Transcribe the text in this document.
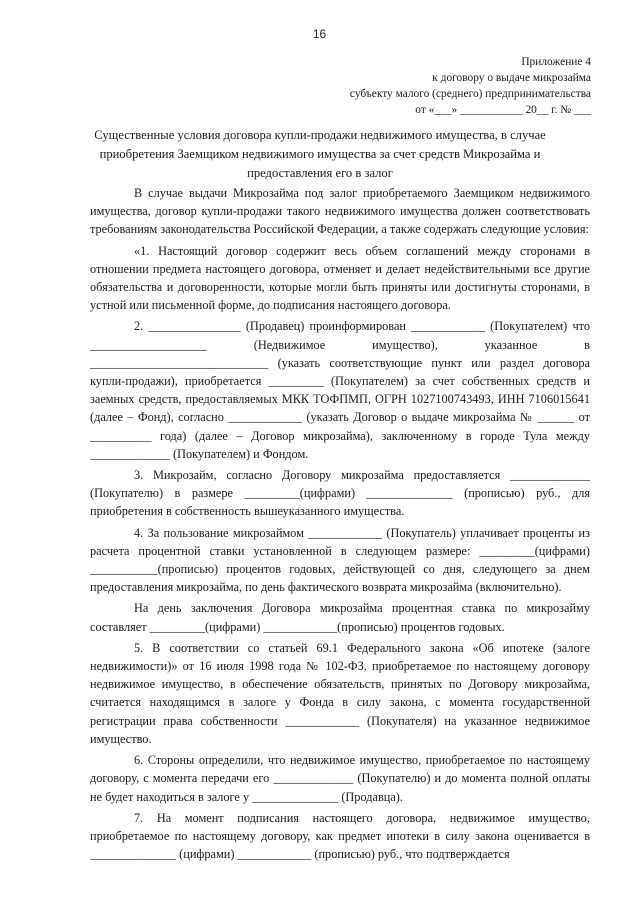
16
Приложение 4
к договору о выдаче микрозайма
субъекту малого (среднего) предпринимательства
от «___» ___________ 20__ г. № ___
Существенные условия договора купли-продажи недвижимого имущества, в случае приобретения Заемщиком недвижимого имущества за счет средств Микрозайма и предоставления его в залог

В случае выдачи Микрозайма под залог приобретаемого Заемщиком недвижимого имущества, договор купли-продажи такого недвижимого имущества должен соответствовать требованиям законодательства Российской Федерации, а также содержать следующие условия:

«1. Настоящий договор содержит весь объем соглашений между сторонами в отношении предмета настоящего договора, отменяет и делает недействительными все другие обязательства и договоренности, которые могли быть приняты или достигнуты сторонами, в устной или письменной форме, до подписания настоящего договора.

2. _______________ (Продавец) проинформирован ____________ (Покупателем) что ___________________ (Недвижимое имущество), указанное в _____________________________ (указать соответствующие пункт или раздел договора купли-продажи), приобретается _________ (Покупателем) за счет собственных средств и заемных средств, предоставляемых МКК ТОФПМП, ОГРН 1027100743493, ИНН 7106015641 (далее – Фонд), согласно ____________ (указать Договор о выдаче микрозайма № ______ от __________ года) (далее – Договор микрозайма), заключенному в городе Тула между _____________ (Покупателем) и Фондом.

3. Микрозайм, согласно Договору микрозайма предоставляется _____________ (Покупателю) в размере _________(цифрами) ______________ (прописью) руб., для приобретения в собственность вышеуказанного имущества.

4. За пользование микрозаймом ____________ (Покупатель) уплачивает проценты из расчета процентной ставки установленной в следующем размере: _________(цифрами) ___________(прописью) процентов годовых, действующей со дня, следующего за днем предоставления микрозайма, по день фактического возврата микрозайма (включительно).

На день заключения Договора микрозайма процентная ставка по микрозайму составляет _________(цифрами) ____________(прописью) процентов годовых.

5. В соответствии со статьей 69.1 Федерального закона «Об ипотеке (залоге недвижимости)» от 16 июля 1998 года № 102-ФЗ, приобретаемое по настоящему договору недвижимое имущество, в обеспечение обязательств, принятых по Договору микрозайма, считается находящимся в залоге у Фонда в силу закона, с момента государственной регистрации права собственности ____________ (Покупателя) на указанное недвижимое имущество.

6. Стороны определили, что недвижимое имущество, приобретаемое по настоящему договору, с момента передачи его _____________ (Покупателю) и до момента полной оплаты не будет находиться в залоге у ______________ (Продавца).

7. На момент подписания настоящего договора, недвижимое имущество, приобретаемое по настоящему договору, как предмет ипотеки в силу закона оценивается в ______________ (цифрами) ____________ (прописью) руб., что подтверждается
